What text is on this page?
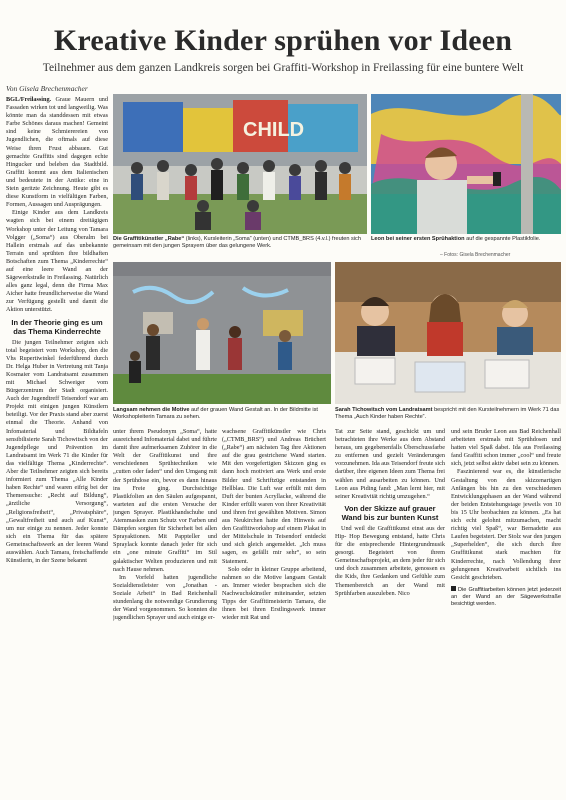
Kreative Kinder sprühen vor Ideen
Teilnehmer aus dem ganzen Landkreis sorgen bei Graffiti-Workshop in Freilassing für eine buntere Welt
Von Gisela Brechenmacher

BGL/Freilassing. Graue Mauern und Fassaden wirken tot und langweilig. Was könnte man da standdessen mit etwas Farbe Schönes daraus machen! Gemeint sind keine Schmierereien von Jugendlichen, die oftmals auf diese Weise ihren Frust abbauen. Gut gemachte Graffitis sind dagegen echte Hingucker und beleben das Stadtbild. Graffiti kommt aus dem Italienischen und bedeutete in der Antike: eine in Stein geritzte Zeichnung. Heute gibt es diese Kunstform in vielfältigen Farben, Formen, Aussagen und Ausprägungen.

Einige Kinder aus dem Landkreis wagten sich bei einem dreitägigen Workshop unter der Leitung von Tamara Volgger („Soma“) aus Oberalm bei Hallein erstmals auf das unbekannte Terrain und sprühten ihre bildhaften Botschaften zum Thema „Kinderrechte“ auf eine leere Wand an der Sägewerkstraße in Freilassing. Natürlich alles ganz legal, denn die Firma Max Aicher hatte freundlicherweise die Wand zur Verfügung gestellt und damit die Aktion unterstützt.

In der Theorie ging es um das Thema Kinderrechte

Die jungen Teilnehmer zeigten sich total begeistert vom Workshop, den die Vhs Rupertiwinkel federführend durch Dr. Helga Huber in Vertretung mit Tanja Kosmaier vom Landratsamt zusammen mit Michael Schweiger vom Bürgerzentrum der Stadt organisiert. Auch der Jugendtreff Teisendorf war am Projekt mit einigen jungen Künstlern beteiligt. Vor der Praxis stand aber zuerst einmal die Theorie. Anhand von Infomaterial und Bildtafeln sensibilisierte Sarah Tichowitsch von der Jugendpflege und Prävention im Landratsamt im Werk 71 die Kinder für das vielfältige Thema „Kinderrechte“. Aber die Teilnehmer zeigten sich bereits informiert zum Thema „Alle Kinder haben Rechte“ und waren eifrig bei der Themensuche: „Recht auf Bildung“, „ärztliche Versorgung“, „Religionsfreiheit“, „Privatsphäre“, „Gewaltfreiheit und auch auf Kunst“, um nur einige zu nennen. Jeder konnte sich ein Thema für das spätere Gemeinschaftswerk an der leeren Wand auswählen. Auch Tamara, freischaffende Künstlerin, in der Szene bekannt

CHILD
Die Graffitikünstler „Rabe“ (links), Kursleiterin „Soma“ (unten) und CTMB_BRS (4.v.l.) freuten sich gemeinsam mit den jungen Sprayern über das gelungene Werk.
Leon bei seiner ersten Sprühaktion auf die gespannte Plastikfolie.
– Fotos: Gisela Brechenmacher
Langsam nehmen die Motive auf der grauen Wand Gestalt an. In der Bildmitte ist Workshopleiterin Tamara zu sehen.
Sarah Tichowitsch vom Landratsamt bespricht mit den Kursteilnehmern im Werk 71 das Thema „Auch Kinder haben Rechte“.

unter ihrem Pseudonym „Soma“, hatte ausreichend Infomaterial dabei und führte damit ihre aufmerksamen Zuhörer in die Welt der Graffitikunst und ihre verschiedenen Sprühtechniken wie „cutten oder faden“ und den Umgang mit der Sprühdose ein, bevor es dann hinaus ins Freie ging. Durchsichtige Plastikfolien an den Säulen aufgespannt, warteten auf die ersten Versuche der jungen Sprayer. Plastikhandschuhe und Atemmasken zum Schutz vor Farben und Dämpfen sorgten für Sicherheit bei allen Sprayaktionen. Mit Pappteller und Spraylack konnte danach jeder für sich ein „one minute Graffiti“ im Stil galaktischer Welten produzieren und mit nach Hause nehmen.

Im Vorfeld hatten jugendliche Sozialdienstleister von „Jonathan -Soziale Arbeit“ in Bad Reichenhall stundenlang die notwendige Grundierung der Wand vorgenommen. So konnten die jugendlichen Sprayer und auch einige er-

wachsene Graffitikünstler wie Chris („CTMB_BRS“) und Andreas Brüchert („Rabe“) am nächsten Tag ihre Aktionen auf die grau gestrichene Wand starten. Mit den vorgefertigten Skizzen ging es dann hoch motiviert ans Werk und erste Bilder und Schriftzüge entstanden in Hellblau. Die Luft war erfüllt mit dem Duft der bunten Acryllacke, während die Kinder erfüllt waren von ihrer Kreativität und ihren frei gewählten Motiven. Simon aus Neukirchen hatte den Hinweis auf den Graffitiworkshop auf einem Plakat in der Mittelschule in Teisendorf entdeckt und sich gleich angemeldet. „Ich muss sagen, es gefällt mir sehr“, so sein Statement.

Solo oder in kleiner Gruppe arbeitend, nahmen so die Motive langsam Gestalt an. Immer wieder besprachen sich die Nachwuchskünstler miteinander, setzten Tipps der Graffitimeisterin Tamara, die ihnen bei ihren Erstlingswerk immer wieder mit Rat und

Tat zur Seite stand, geschickt um und betrachteten ihre Werke aus dem Abstand heraus, um gegebenenfalls Überschussfarbe zu entfernen und gezielt Veränderungen vorzunehmen. Ida aus Teisendorf freute sich darüber, ihre eigenen Ideen zum Thema frei wählen und ausarbeiten zu können. Und Leon aus Piding fand: „Man lernt hier, mit seiner Kreativität richtig umzugehen.“

Von der Skizze auf grauer Wand bis zur bunten Kunst

Und weil die Graffitikunst einst aus der Hip- Hop Bewegung entstand, hatte Chris für die entsprechende Hintergrundmusik gesorgt. Begeistert von ihrem Gemeinschaftsprojekt, an dem jeder für sich und doch zusammen arbeitete, genossen es die Kids, ihre Gedanken und Gefühle zum Themenbereich an der Wand mit Sprühfarben auszuleben. Nico

und sein Bruder Leon aus Bad Reichenhall arbeiteten erstmals mit Sprühdosen und hatten viel Spaß dabei. Ida aus Freilassing fand Graffiti schon immer „cool“ und freute sich, jetzt selbst aktiv dabei sein zu können.

Faszinierend war es, die künstlerische Gestaltung von den skizzenartigen Anfängen bis hin zu den verschiedenen Entwicklungsphasen an der Wand während der beiden Entstehungstage jeweils von 10 bis 15 Uhr beobachten zu können. „Es hat sich echt gelohnt mitzumachen, macht richtig viel Spaß“, war Bernadette aus Laufen begeistert. Der Stolz war den jungen „Superhelden“, die sich durch ihre Graffitikunst stark machten für Kinderrechte, nach Vollendung ihrer gelungenen Kreativarbeit sichtlich ins Gesicht geschrieben.

Die Graffitiarbeiten können jetzt jederzeit an der Wand an der Sägewerkstraße besichtigt werden.
